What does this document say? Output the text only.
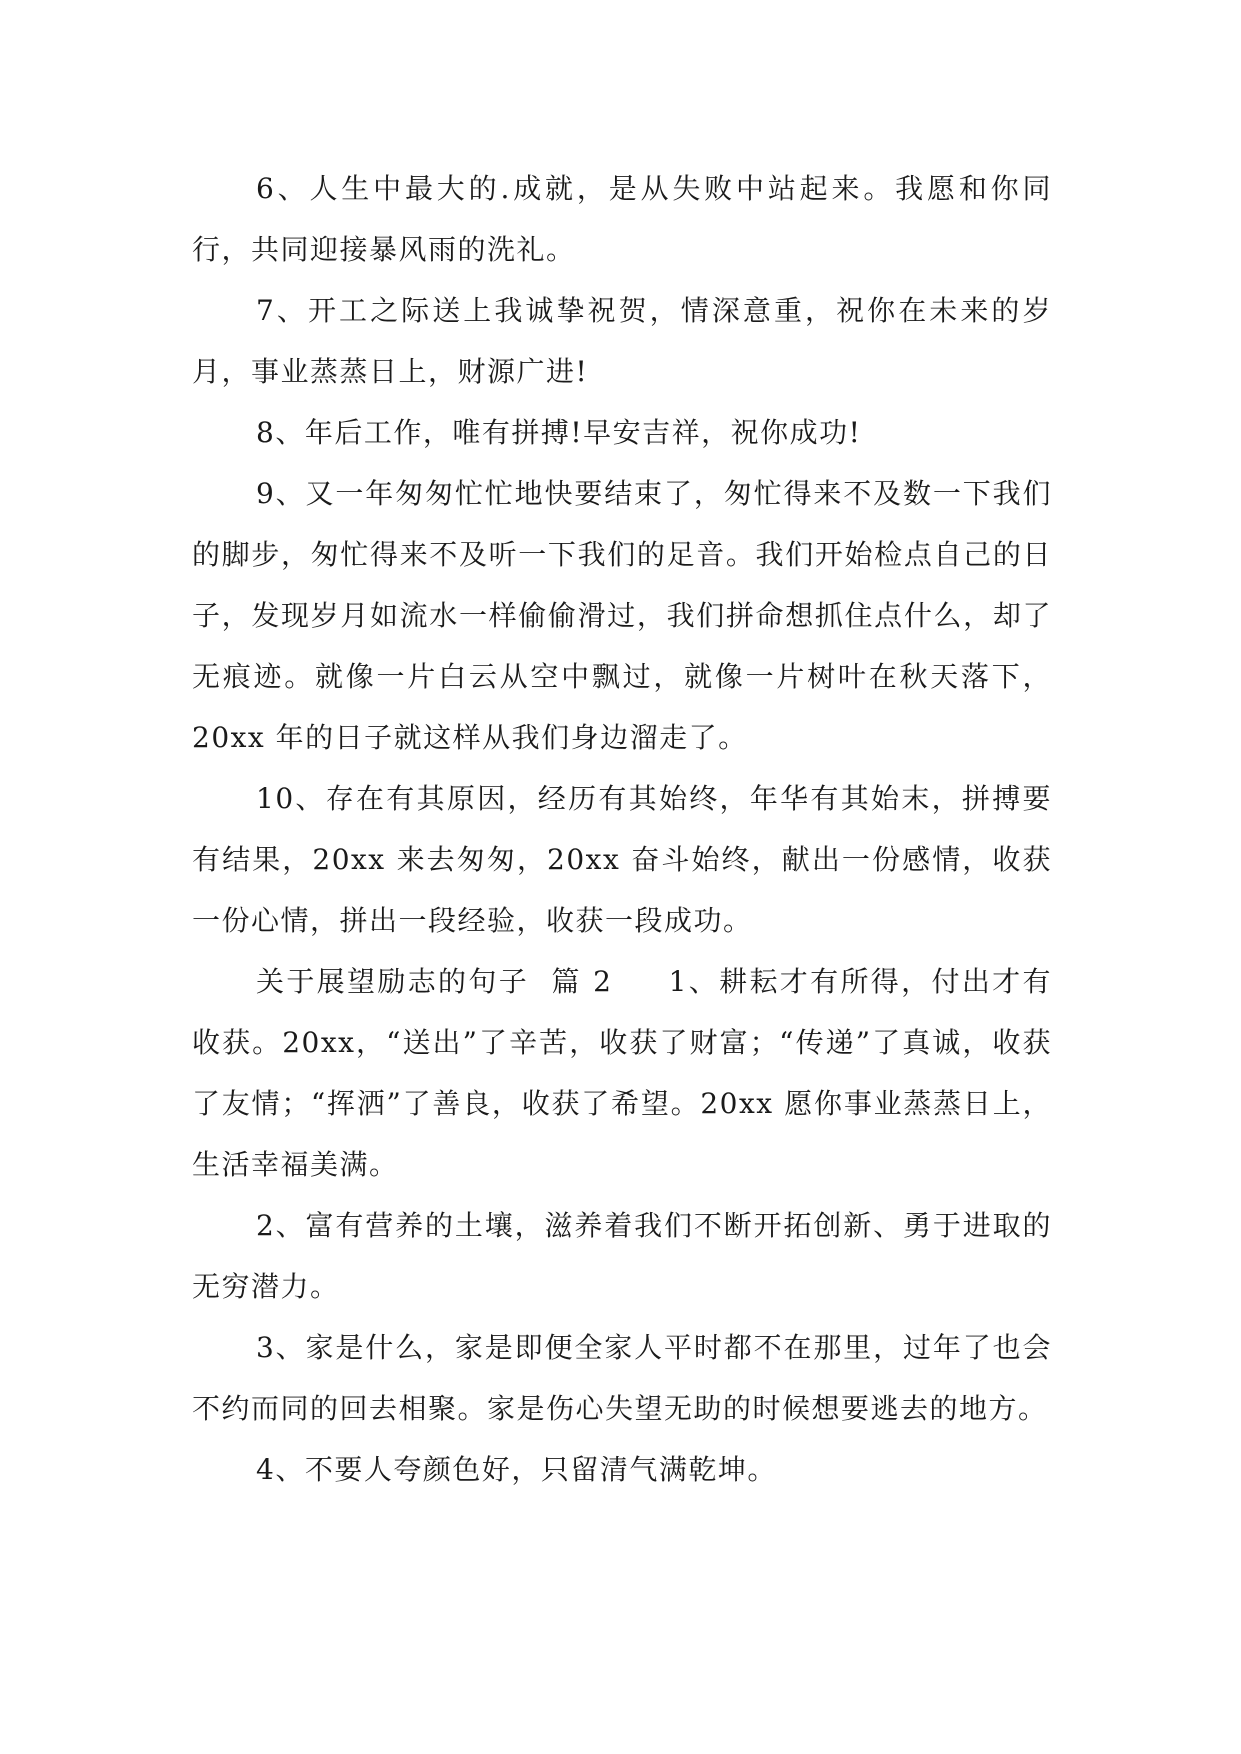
6、人生中最大的.成就，是从失败中站起来。我愿和你同行，共同迎接暴风雨的洗礼。

7、开工之际送上我诚挚祝贺，情深意重，祝你在未来的岁月，事业蒸蒸日上，财源广进!

8、年后工作，唯有拼搏!早安吉祥，祝你成功!

9、又一年匆匆忙忙地快要结束了，匆忙得来不及数一下我们的脚步，匆忙得来不及听一下我们的足音。我们开始检点自己的日子，发现岁月如流水一样偷偷滑过，我们拼命想抓住点什么，却了无痕迹。就像一片白云从空中飘过，就像一片树叶在秋天落下，20xx 年的日子就这样从我们身边溜走了。

10、存在有其原因，经历有其始终，年华有其始末，拼搏要有结果，20xx 来去匆匆，20xx 奋斗始终，献出一份感情，收获一份心情，拼出一段经验，收获一段成功。

关于展望励志的句子  篇 2     1、耕耘才有所得，付出才有收获。20xx，“送出”了辛苦，收获了财富；“传递”了真诚，收获了友情；“挥洒”了善良，收获了希望。20xx 愿你事业蒸蒸日上，生活幸福美满。

2、富有营养的土壤，滋养着我们不断开拓创新、勇于进取的无穷潜力。

3、家是什么，家是即便全家人平时都不在那里，过年了也会不约而同的回去相聚。家是伤心失望无助的时候想要逃去的地方。

4、不要人夸颜色好，只留清气满乾坤。
